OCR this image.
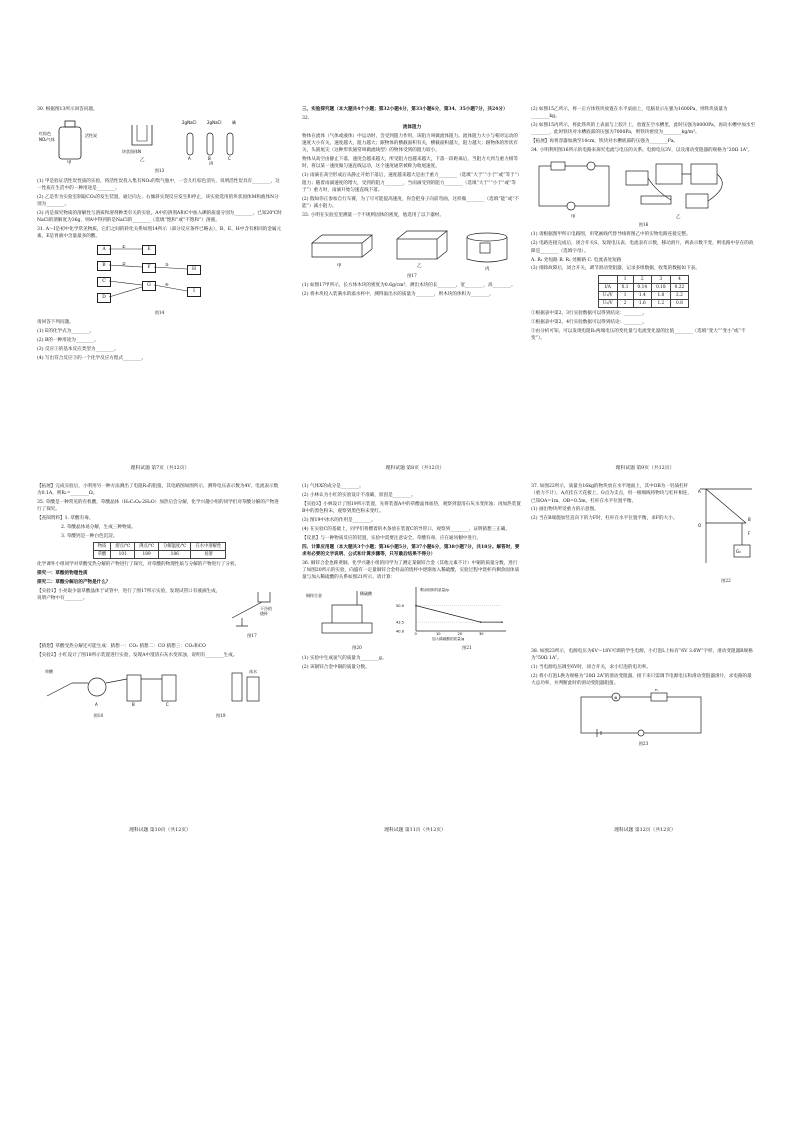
30. 根据图13所示回答问题。

红棕色
NO₂气体
活性炭
甲
块状固体N
乙
2gNaCl	2gNaCl	碘
A	B	C
丙
图13

(1) 甲是验证活性炭性质的实验，将活性炭投入集有NO₂的集气瓶中，一会儿红棕色消失，说明活性炭具有________，这一性质在生活中的一种用途是________。

(2) 乙是作为实验室制取CO₂的发生装置，通过向左、右倾斜实现反应发生和停止，该实验选用的块状固体M和液体N分别为________。

(3) 丙是探究物质的溶解性与溶质和溶剂种类有关的实验，A中的溶剂A和C中加入碘的质量分别为________，已知20℃时NaCl的溶解度为36g，则A中得到的是NaCl的________（选填“饱和”或“不饱和”）溶液。

31. A～I是初中化学常见物质，它们之间的转化关系如图14所示（部分反应条件已略去），B、E、H中含有相同的金属元素，E是胃液中含量最多的酸。

A
B
C
D
E
F
G
H
I
①
②	③
④
图14

请回答下列问题。

(1) E的化学式为________。

(2) B的一种用途为________。

(3) 反应①的基本反应类型为________。

(4) 写出符合反应③的一个化学反应方程式________。

理科试题 第7页（共12页）

三、实验探究题（本大题共4个小题；第32小题4分，第33小题6分，第34、35小题7分，共24分）

32.

流体阻力

物体在流体（气体或液体）中运动时，会受到阻力作用，该阻力叫做流体阻力。流体阻力大小与相对运动的速度大小有关，速度越大，阻力越大；跟物体的横截面积有关，横截面积越大，阻力越大；跟物体的形状有关，头圆尾尖（这种形状通常叫做流线型）的物体受到的阻力较小。

物体从高空由静止下落，速度会越来越大，所受阻力也越来越大，下落一段距离后，当阻力大到与重力相等时，将以某一速度做匀速直线运动，这个速度通常被称为收尾速度。

(1) 雨滴在高空形成后从静止开始下落后，速度越来越大是由于重力________（选填“大于”“小于”或“等于”）阻力；随着雨滴速度的增大，受到的阻力________，当雨滴受到的阻力________（选填“大于”“小于”或“等于”）重力时，雨滴开始匀速直线下落。

(2) 假如你正参加自行车赛，为了尽可能提高速度，你会把身子向前弯曲，这样做________（选填“能”或“不能”）减小阻力。

33. 小明在实验室里测量一个不规则固体的密度，他选用了以下器材。

甲	乙
丙
图17

(1) 如图17甲所示，长方体木块的密度为0.6g/cm³，测出木块的长________，宽________，高________。

(2) 将木块投入装满水的溢水杯中，测得溢出水的质量为________，则木块的体积为________。

理科试题 第8页（共12页）

(2) 如图15乙所示，将一正方体铁块放置在水平桌面上，电脑显示压强为1600Pa，则铁块质量为________kg。

(3) 如图15丙所示，将此铁块的上表面与上胶片上，放置在空水槽里，此时压强为8000Pa，再向水槽中加水至________，此时铁块对水槽底部的压强为7000Pa，则铁块密度为________kg/m³。

【拓展】再将容器加满至10cm，铁块对水槽底部的压强为________Pa。

34. 小明利用图16所示的电路来探究电流与电压的关系。电源电压3V，以及滑动变阻器的规格为“20Ω 1A”。

甲	乙
图16

(1) 请根据图甲所示电路图，用笔画线代替导线将图乙中的实物电路连接完整。

(2) 电路连接完成后，闭合开关S，发现电压表、电流表有示数，移动滑片，两表示数不变，则电路中存在的故障是________（选填字母）。

A. R₁ 处短路 B. R₁ 处断路 C. 电流表处短路

(3) 排除故障后，闭合开关，调节滑动变阻器，记录多组数据，收集的数据如下表。

	1	2	3	4
I/A	0.1	0.14	0.18	0.22
U₁/V	1	1.4	1.8	2.2
U₂/V	2	1.6	1.2	0.8

①根据表中第2、3行实验数据可以得到结论：________。

②根据表中第2、4行实验数据可以得到结论：________。

③由分析可知，可以发现电阻R₁两端电压的变化量与电流变化量的比值________（选填“变大”“变小”或“不变”）。

理科试题 第9页（共12页）

【拓展】完成实验后，小明用另一种方法测出了电阻R₁的阻值，其电路图如图所示，测得电压表示数为4V，电流表示数为0.1A，则R₁=________Ω。

35. 草酸是一种常见的有机酸，草酸晶体（H₂C₂O₄·2H₂O）加热后会分解，化学兴趣小组的同学们对草酸分解的产物进行了探究。

【查阅资料】1. 草酸有毒。

2. 草酸晶体易分解，生成三种物质。

3. 草酸钙是一种白色沉淀。

物质	熔点/℃	沸点/℃	分解温度/℃	在水中溶解性
草酸	101	189	186	易溶

化学课外小组同学对草酸受热分解的产物进行了探究，对草酸的物理性质与分解的产物进行了分析。

探究一：草酸的物理性质

探究二：草酸分解后的产物是什么？

【实验1】小亮取少量草酸晶体于试管中，进行了图17所示实验，发现试管口有液滴生成，说明产物中有________。

干冷的
烧杯
图17

【猜想】草酸受热分解还可能生成：猜想一：CO₂ 猜想二：CO 猜想三：CO₂和CO

【实验2】小红设计了图18所示装置进行实验，发现A中澄清石灰水变浑浊，说明有________生成。

草酸
A	B	C
冰水
图18	图19
理科试题 第10页（共12页）

(1) 气体X的成分是________。

(2) 小林认为小红的实验设计不准确，原因是________。

【实验3】小林设计了图19所示装置，先将装置A中的草酸晶体加热，观察到澄清石灰水变浑浊；再加热装置B中的黑色粉末，观察到黑色粉末变红。

(3) 图19中冰水的作用是________。

(4) 在实验C的基础上，同学们将燃着的木条放在装置C的导管口，观察到________，证明猜想三正确。

【反思】与一种物质反应的装置，实验中需要注意安全，草酸有毒，应在通风橱中进行。

四、计算应用题（本大题共3个小题；第36小题5分，第37小题6分，第38小题7分，共18分。解答时，要求有必要的文字说明、公式和计算步骤等，只写最后结果不得分）

36. 铜锌合金也称黄铜。化学兴趣小组的同学为了测定某铜锌合金（其他元素不计）中铜的质量分数，进行了如图20所示的实验，向盛有一定量铜锌合金样品的烧杯中逐渐加入稀硫酸，实验过程中烧杯内剩余固体质量与加入稀硫酸的关系如图21所示。请计算：

铜锌合金	稀硫酸
剩余固体的质量/g
加入稀硫酸的质量/g
40.0
43.5
50.0
0	10	20	30
图20	图21

(1) 实验中生成氢气的质量为________g。

(2) 该铜锌合金中铜的质量分数。

理科试题 第11页（共12页）

37. 如图22所示，质量为16kg的物块放在水平地面上，其中OB为一轻质杠杆（重力不计），A点挂在天花板上，O点为支点，用一根细线将物块与杠杆相连，已知OA=1m，OB=0.5m，杠杆在水平位置平衡。

(1) 画出物块所受重力的示意图。

(2) 当在B端施加竖直向下的力F时，杠杆在水平位置平衡，求F的大小。

A
O
B
G₀
F
图22

38. 如图23所示，电源电压为6V～18V可调的学生电源，小灯泡L上标有“6V 3.6W”字样，滑动变阻器R规格为“50Ω 1A”。

(1) 当电源电压调至6V时，闭合开关，求小灯泡的电功率。

(2) 将小灯泡L换为规格为“20Ω 2A”的滑动变阻器，接下来只需调节电源电压和滑动变阻器滑片，求电路的最大总功率，并判断此时的滑动变阻器阻值。

⊗
R
图23
理科试题 第12页（共12页）
